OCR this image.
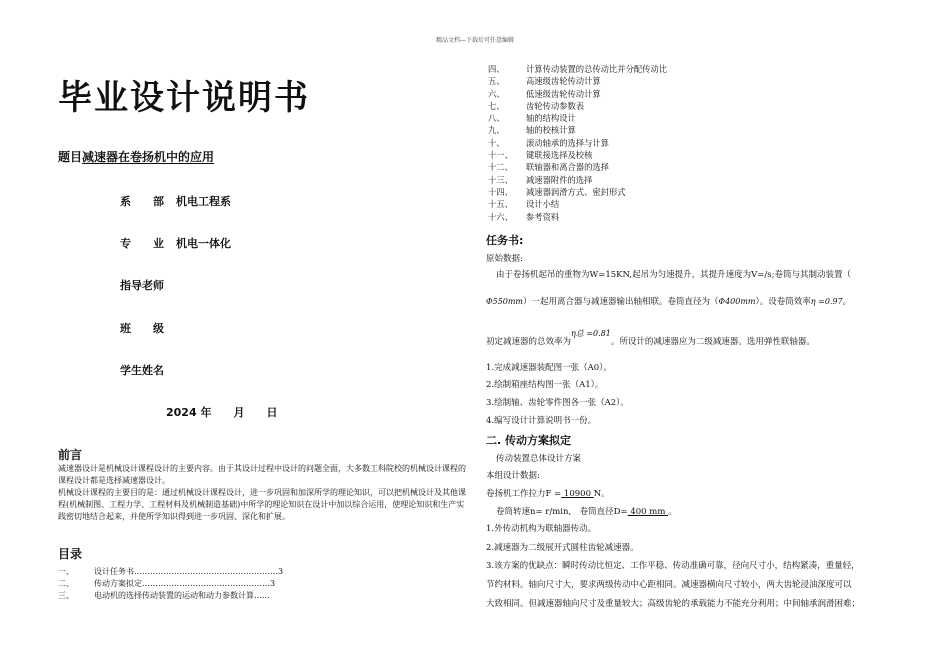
精品文档---下载后可任意编辑
毕业设计说明书
题目减速器在卷扬机中的应用
系　　部 机电工程系
专　　业 机电一体化
指导老师
班　　级
学生姓名
2024 年　　月　　日
前言

减速器设计是机械设计课程设计的主要内容。由于其设计过程中设计的问题全面，大多数工科院校的机械设计课程的课程设计都是选择减速器设计。

机械设计课程的主要目的是：通过机械设计课程设计，进一步巩固和加深所学的理论知识，可以把机械设计及其他课程(机械制图、工程力学、工程材料及机械制造基础)中所学的理论知识在设计中加以综合运用，使理论知识和生产实践密切地结合起来，并使所学知识得到进一步巩固、深化和扩展。

目录
一、	设计任务书………………………………………………3
二、	传动方案拟定…………………………………………3
三、	电动机的选择传动装置的运动和动力参数计算…...
四、	计算传动装置的总传动比并分配传动比
五、	高速级齿轮传动计算
六、	低速级齿轮传动计算
七、	齿轮传动参数表
八、	轴的结构设计
九、	轴的校核计算
十、	滚动轴承的选择与计算
十一、 键联接选择及校核
十二、 联轴器和离合器的选择
十三、 减速器附件的选择
十四、 减速器润滑方式、密封形式
十五、 设计小结
十六、 参考资料
任务书:
原始数据:
由于卷扬机起吊的重物为W=15KN,起吊为匀速提升，其提升速度为V=/s;卷筒与其制动装置（
Φ550mm）一起用离合器与减速器输出轴相联。卷筒直径为（Φ400mm）。设卷筒效率η =0.97。
初定减速器的总效率为η总 =0.81。所设计的减速器应为二级减速器。选用弹性联轴器。
1.完成减速器装配图一张（A0）。
2.绘制箱座结构图一张（A1）。
3.绘制轴、齿轮零件图各一张（A2）。
4.编写设计计算说明书一份。
二. 传动方案拟定
传动装置总体设计方案
本组设计数据:
卷扬机工作拉力F = 10900 N。
卷筒转速n= r/min,　卷筒直径D= 400 mm 。
1.外传动机构为联轴器传动。
2.减速器为二级展开式圆柱齿轮减速器。
3.该方案的优缺点：瞬时传动比恒定、工作平稳、传动准确可靠，径向尺寸小，结构紧凑，重量轻，
节约材料。轴向尺寸大，要求两级传动中心距相同。减速器横向尺寸较小，两大齿轮浸油深度可以
大致相同。但减速器轴向尺寸及重量较大；高级齿轮的承载能力不能充分利用；中间轴承润滑困难；
